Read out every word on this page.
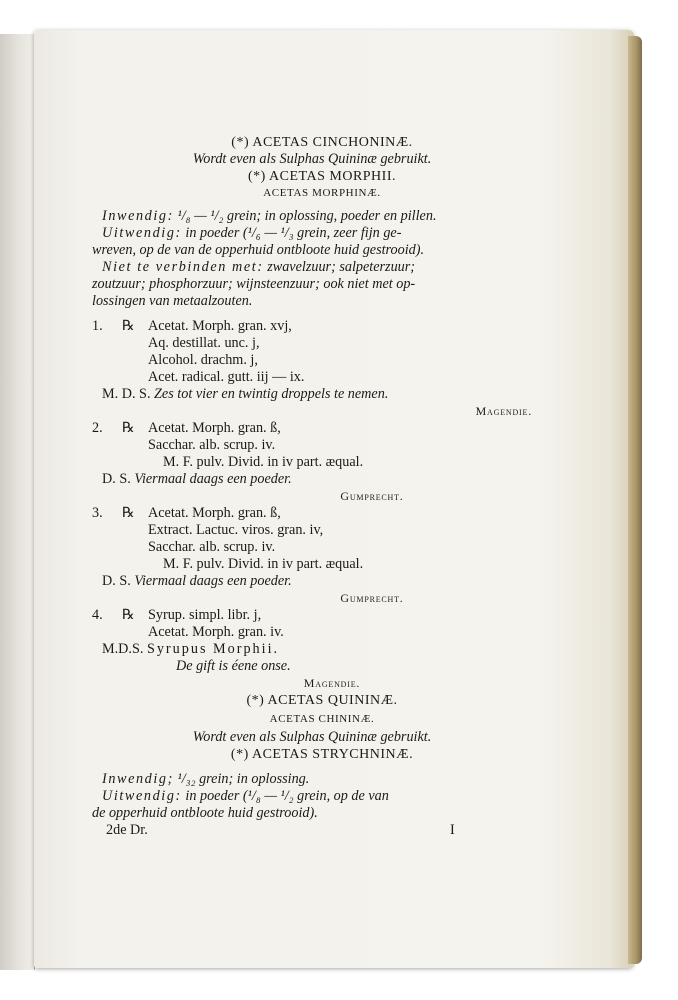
(*) ACETAS CINCHONINÆ.
Wordt even als Sulphas Quininæ gebruikt.
(*) ACETAS MORPHII.
ACETAS MORPHINÆ.
Inwendig: ¹/₈ — ¹/₂ grein; in oplossing, poeder en pillen.
Uitwendig: in poeder (¹/₆ — ¹/₃ grein, zeer fijn ge-
wreven, op de van de opperhuid ontbloote huid gestrooid).
Niet te verbinden met: zwavelzuur; salpeterzuur;
zoutzuur; phosphorzuur; wijnsteenzuur; ook niet met op-
lossingen van metaalzouten.
1. ℞ Acetat. Morph. gran. xvj,
Aq. destillat. unc. j,
Alcohol. drachm. j,
Acet. radical. gutt. iij — ix.
M. D. S. Zes tot vier en twintig droppels te nemen.
Magendie.
2. ℞ Acetat. Morph. gran. ß,
Sacchar. alb. scrup. iv.
M. F. pulv. Divid. in iv part. æqual.
D. S. Viermaal daags een poeder.
Gumprecht.
3. ℞ Acetat. Morph. gran. ß,
Extract. Lactuc. viros. gran. iv,
Sacchar. alb. scrup. iv.
M. F. pulv. Divid. in iv part. æqual.
D. S. Viermaal daags een poeder.
Gumprecht.
4. ℞ Syrup. simpl. libr. j,
Acetat. Morph. gran. iv.
M.D.S. Syrupus Morphii.
De gift is éene onse.
Magendie.
(*) ACETAS QUININÆ.
ACETAS CHININÆ.
Wordt even als Sulphas Quininæ gebruikt.
(*) ACETAS STRYCHNINÆ.
Inwendig; ¹/₃₂ grein; in oplossing.
Uitwendig: in poeder (¹/₈ — ¹/₂ grein, op de van
de opperhuid ontbloote huid gestrooid).
2de Dr.	I
